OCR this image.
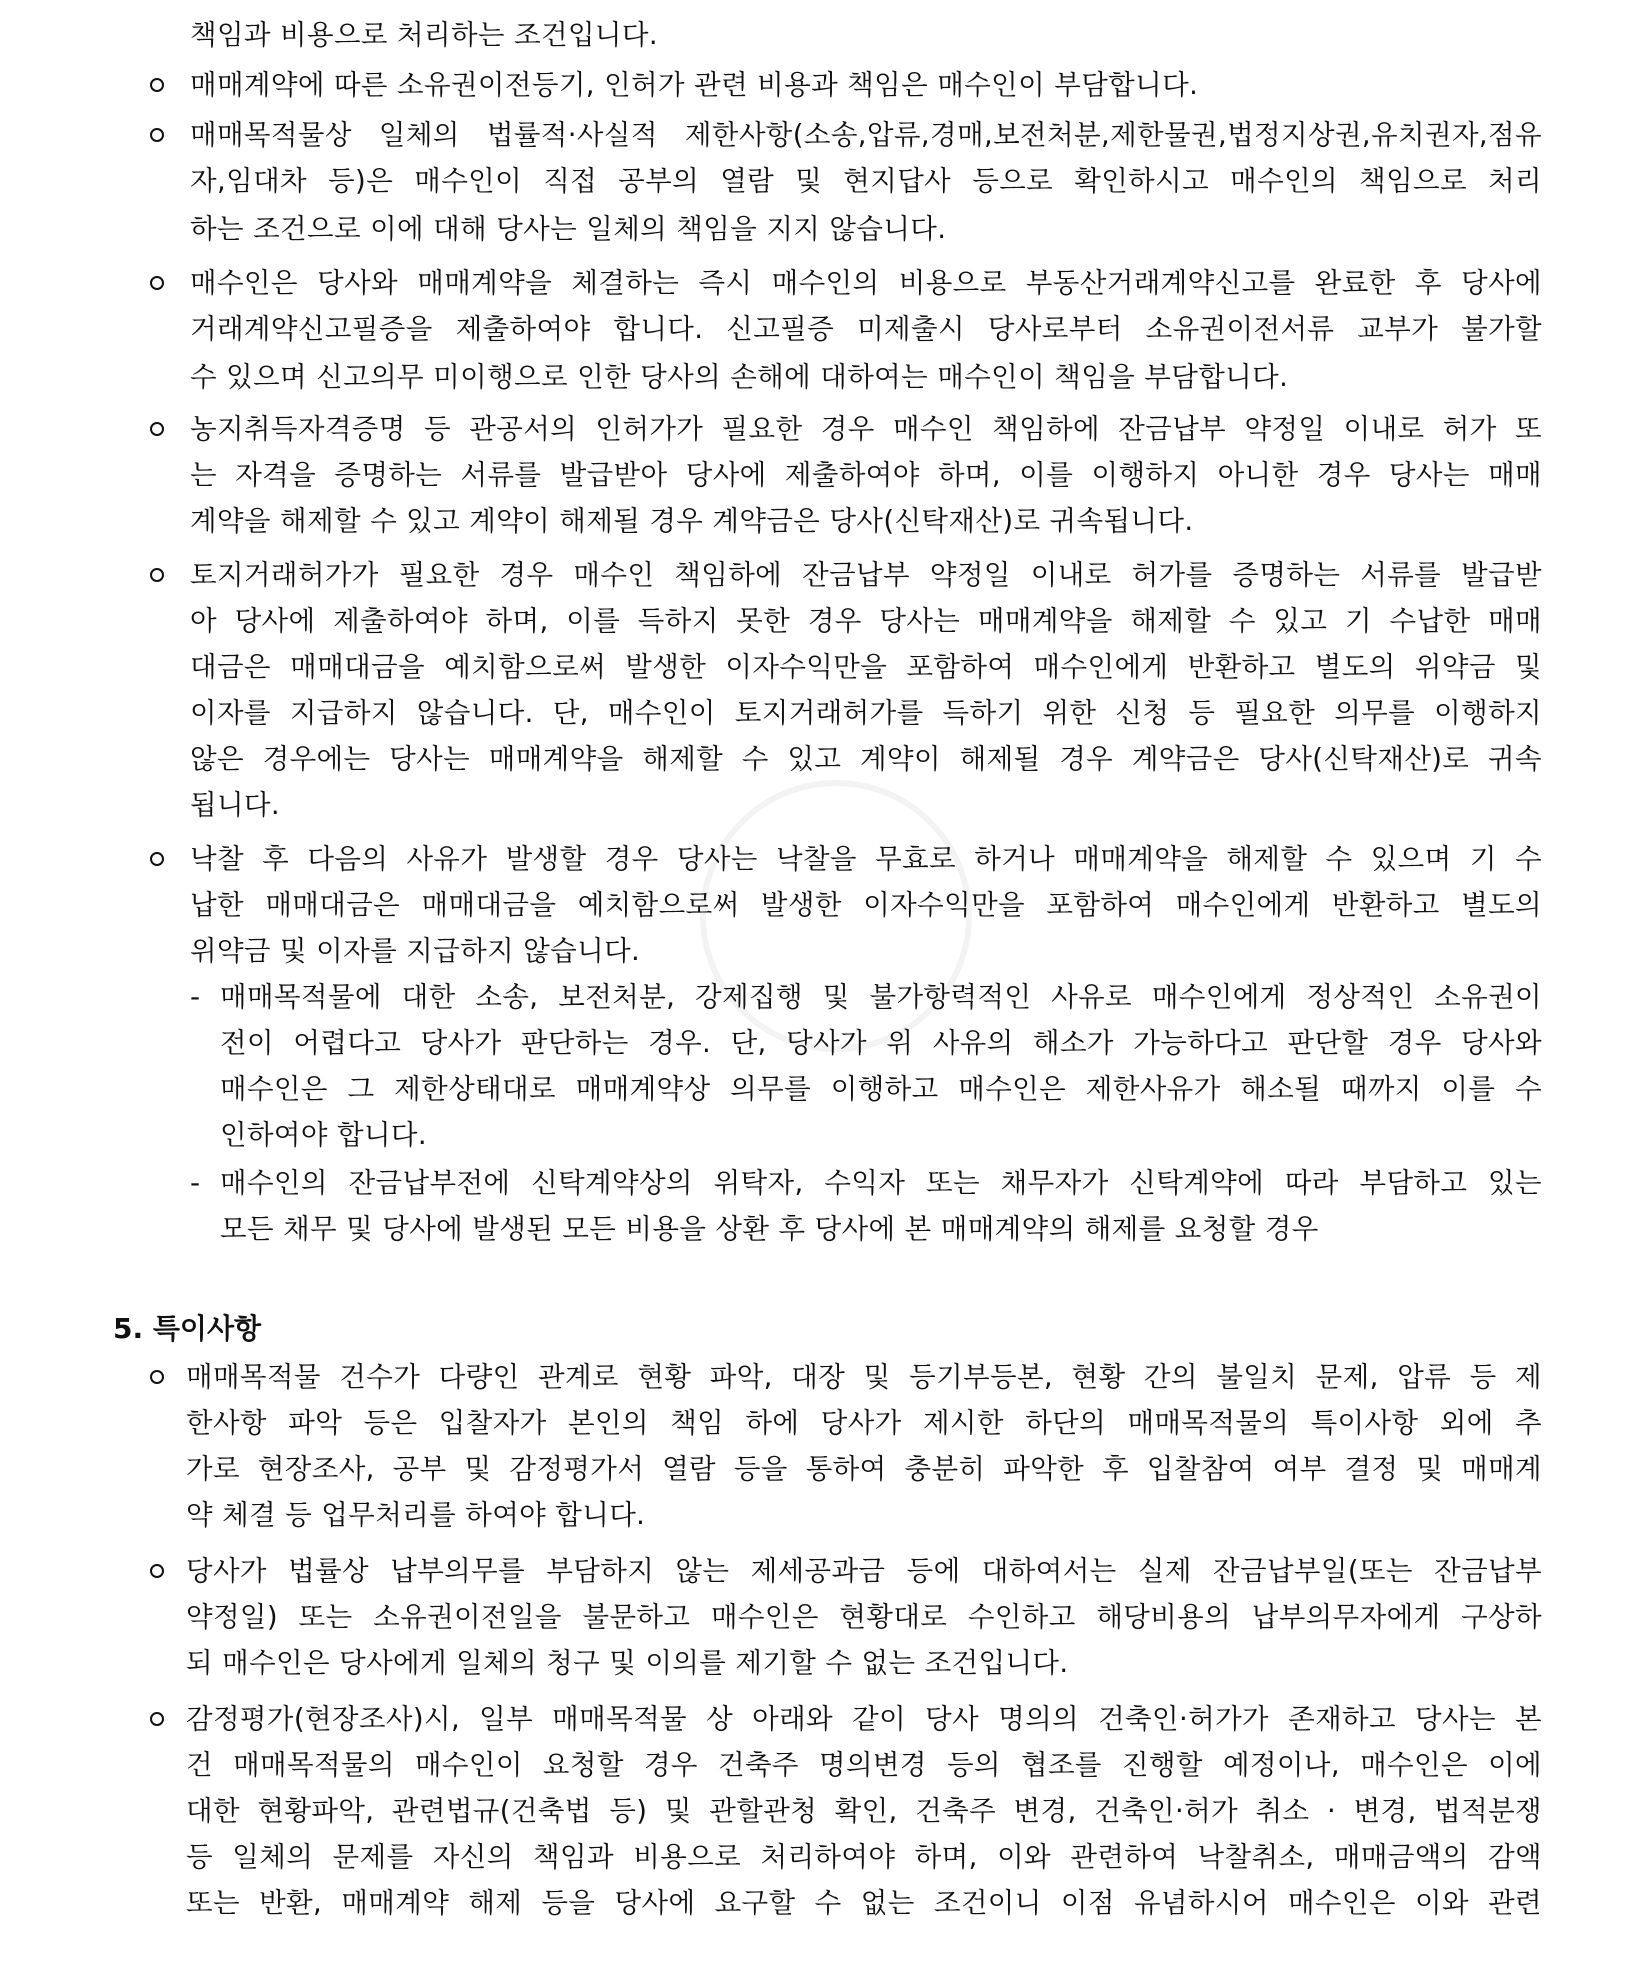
책임과 비용으로 처리하는 조건입니다.
매매계약에 따른 소유권이전등기, 인허가 관련 비용과 책임은 매수인이 부담합니다.
매매목적물상 일체의 법률적·사실적 제한사항(소송,압류,경매,보전처분,제한물권,법정지상권,유치권자,점유
자,임대차 등)은 매수인이 직접 공부의 열람 및 현지답사 등으로 확인하시고 매수인의 책임으로 처리
하는 조건으로 이에 대해 당사는 일체의 책임을 지지 않습니다.
매수인은 당사와 매매계약을 체결하는 즉시 매수인의 비용으로 부동산거래계약신고를 완료한 후 당사에
거래계약신고필증을 제출하여야 합니다. 신고필증 미제출시 당사로부터 소유권이전서류 교부가 불가할
수 있으며 신고의무 미이행으로 인한 당사의 손해에 대하여는 매수인이 책임을 부담합니다.
농지취득자격증명 등 관공서의 인허가가 필요한 경우 매수인 책임하에 잔금납부 약정일 이내로 허가 또
는 자격을 증명하는 서류를 발급받아 당사에 제출하여야 하며, 이를 이행하지 아니한 경우 당사는 매매
계약을 해제할 수 있고 계약이 해제될 경우 계약금은 당사(신탁재산)로 귀속됩니다.
토지거래허가가 필요한 경우 매수인 책임하에 잔금납부 약정일 이내로 허가를 증명하는 서류를 발급받
아 당사에 제출하여야 하며, 이를 득하지 못한 경우 당사는 매매계약을 해제할 수 있고 기 수납한 매매
대금은 매매대금을 예치함으로써 발생한 이자수익만을 포함하여 매수인에게 반환하고 별도의 위약금 및
이자를 지급하지 않습니다. 단, 매수인이 토지거래허가를 득하기 위한 신청 등 필요한 의무를 이행하지
않은 경우에는 당사는 매매계약을 해제할 수 있고 계약이 해제될 경우 계약금은 당사(신탁재산)로 귀속
됩니다.
낙찰 후 다음의 사유가 발생할 경우 당사는 낙찰을 무효로 하거나 매매계약을 해제할 수 있으며 기 수
납한 매매대금은 매매대금을 예치함으로써 발생한 이자수익만을 포함하여 매수인에게 반환하고 별도의
위약금 및 이자를 지급하지 않습니다.
- 매매목적물에 대한 소송, 보전처분, 강제집행 및 불가항력적인 사유로 매수인에게 정상적인 소유권이
전이 어렵다고 당사가 판단하는 경우. 단, 당사가 위 사유의 해소가 가능하다고 판단할 경우 당사와
매수인은 그 제한상태대로 매매계약상 의무를 이행하고 매수인은 제한사유가 해소될 때까지 이를 수
인하여야 합니다.
- 매수인의 잔금납부전에 신탁계약상의 위탁자, 수익자 또는 채무자가 신탁계약에 따라 부담하고 있는
모든 채무 및 당사에 발생된 모든 비용을 상환 후 당사에 본 매매계약의 해제를 요청할 경우
5. 특이사항
매매목적물 건수가 다량인 관계로 현황 파악, 대장 및 등기부등본, 현황 간의 불일치 문제, 압류 등 제
한사항 파악 등은 입찰자가 본인의 책임 하에 당사가 제시한 하단의 매매목적물의 특이사항 외에 추
가로 현장조사, 공부 및 감정평가서 열람 등을 통하여 충분히 파악한 후 입찰참여 여부 결정 및 매매계
약 체결 등 업무처리를 하여야 합니다.
당사가 법률상 납부의무를 부담하지 않는 제세공과금 등에 대하여서는 실제 잔금납부일(또는 잔금납부
약정일) 또는 소유권이전일을 불문하고 매수인은 현황대로 수인하고 해당비용의 납부의무자에게 구상하
되 매수인은 당사에게 일체의 청구 및 이의를 제기할 수 없는 조건입니다.
감정평가(현장조사)시, 일부 매매목적물 상 아래와 같이 당사 명의의 건축인·허가가 존재하고 당사는 본
건 매매목적물의 매수인이 요청할 경우 건축주 명의변경 등의 협조를 진행할 예정이나, 매수인은 이에
대한 현황파악, 관련법규(건축법 등) 및 관할관청 확인, 건축주 변경, 건축인·허가 취소 · 변경, 법적분쟁
등 일체의 문제를 자신의 책임과 비용으로 처리하여야 하며, 이와 관련하여 낙찰취소, 매매금액의 감액
또는 반환, 매매계약 해제 등을 당사에 요구할 수 없는 조건이니 이점 유념하시어 매수인은 이와 관련
